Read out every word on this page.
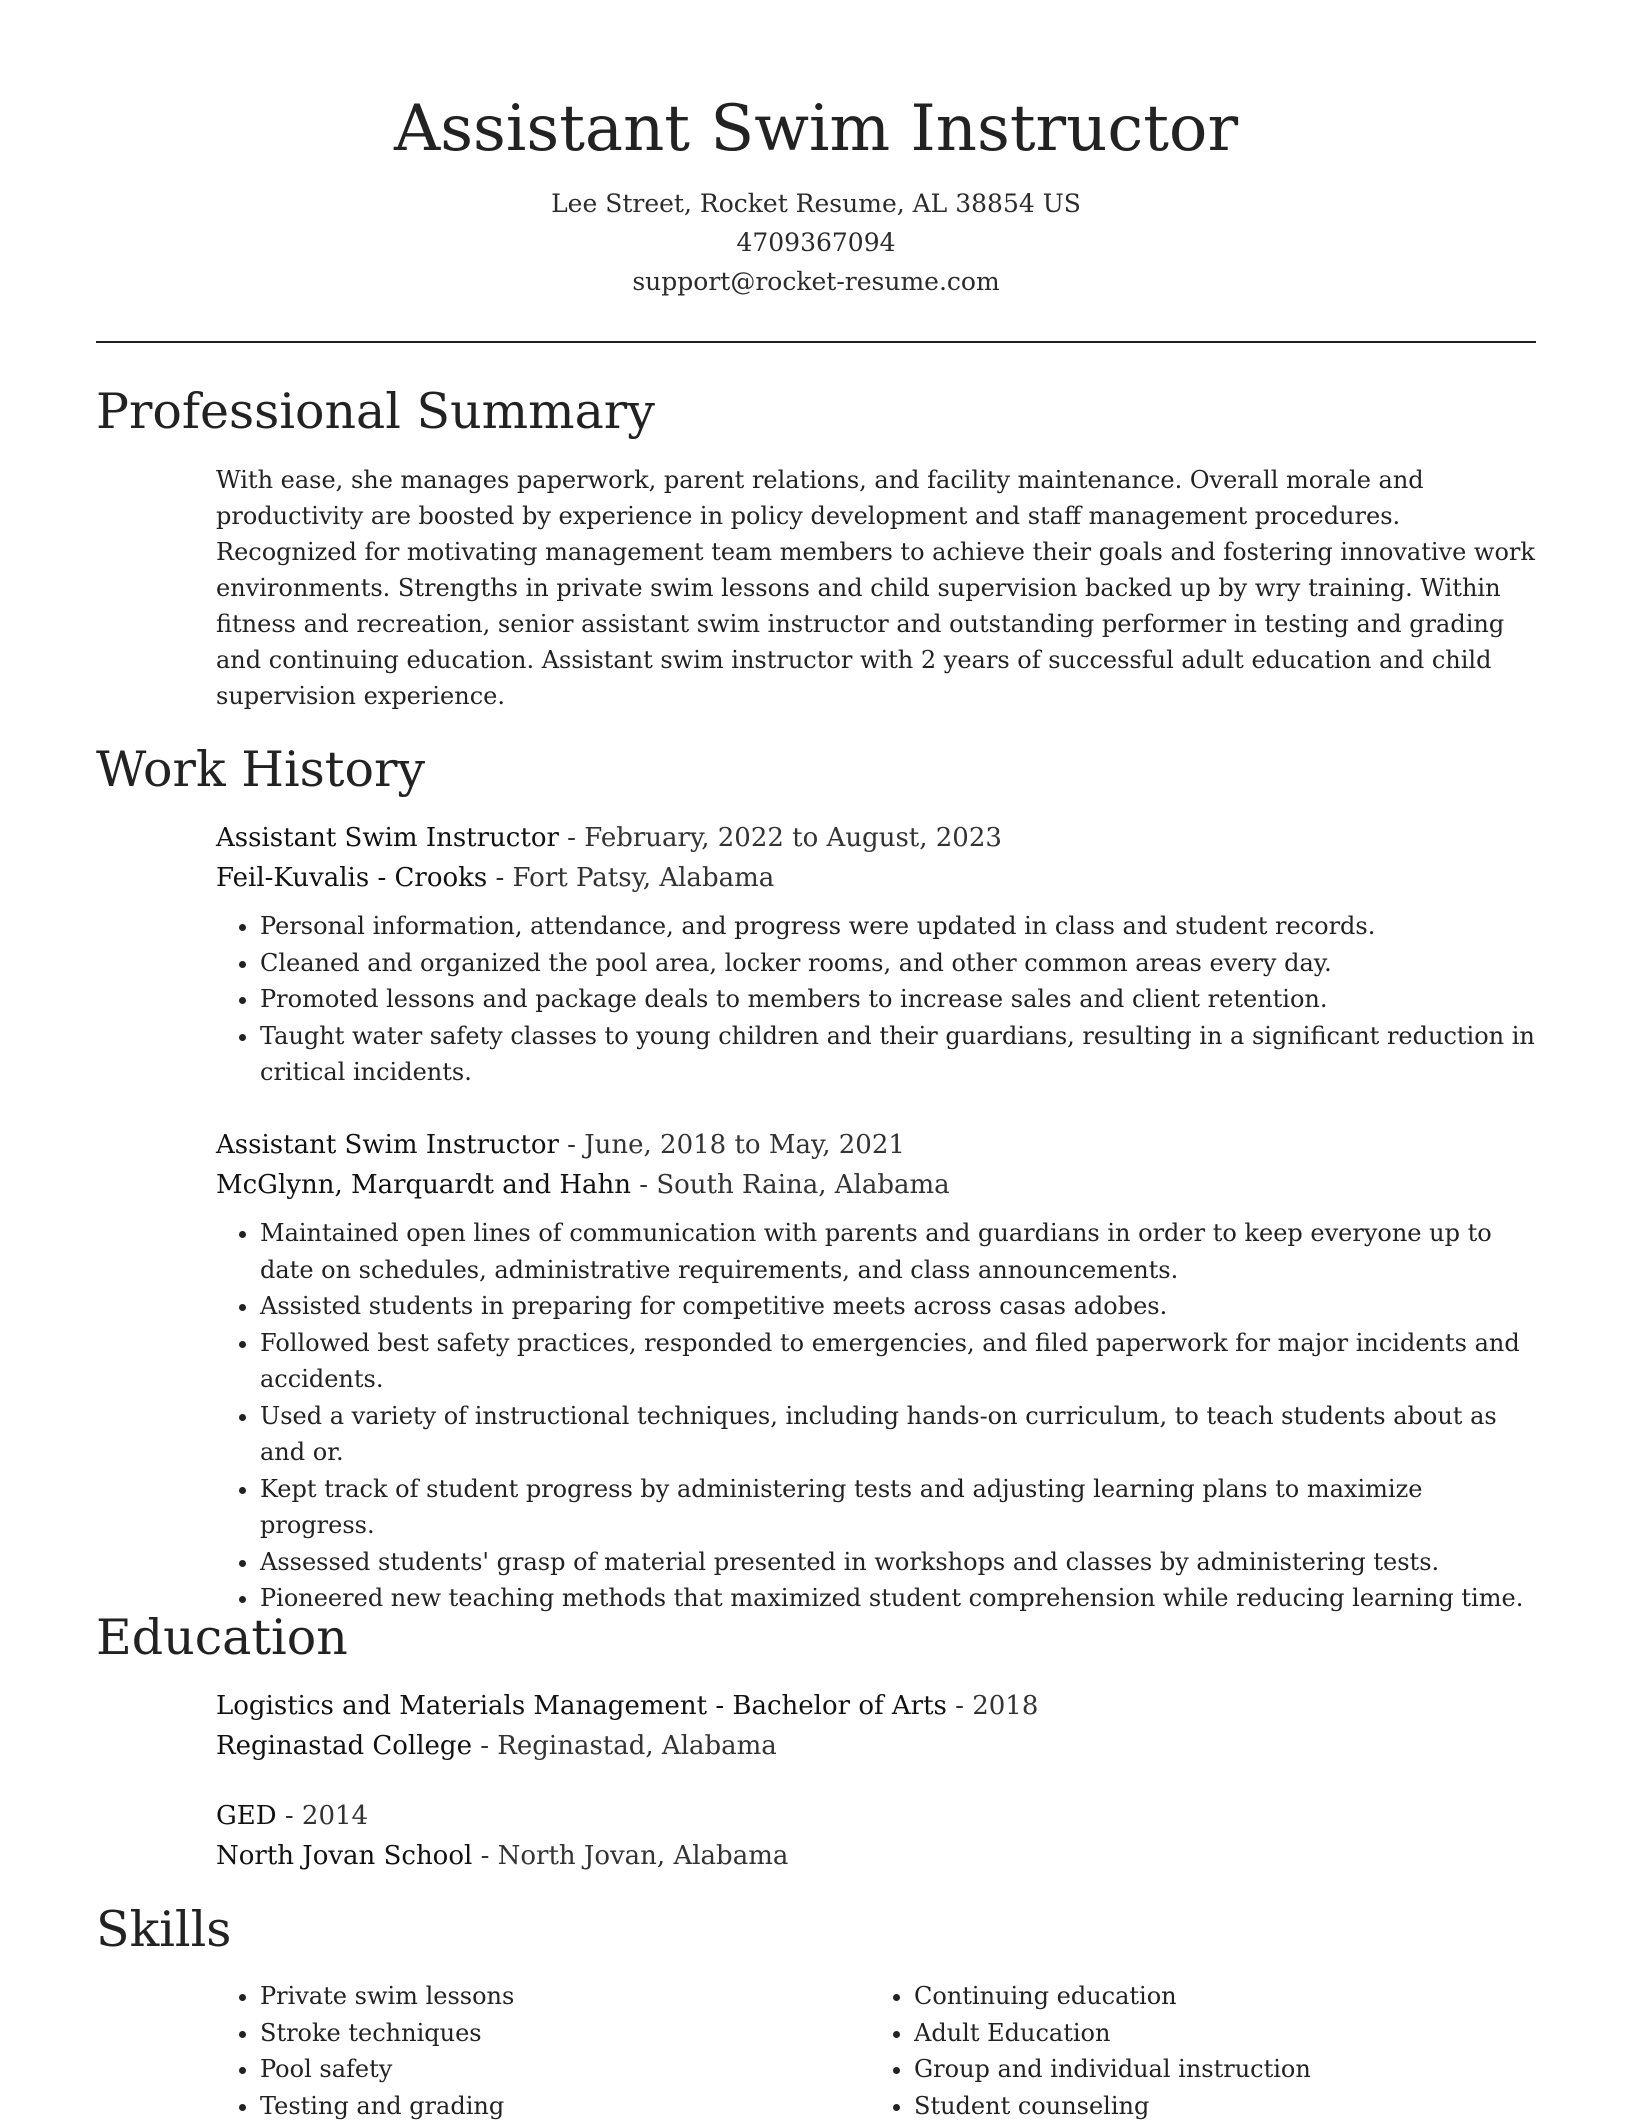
Assistant Swim Instructor
Lee Street, Rocket Resume, AL 38854 US
4709367094
support@rocket-resume.com
Professional Summary

With ease, she manages paperwork, parent relations, and facility maintenance. Overall morale and productivity are boosted by experience in policy development and staff management procedures. Recognized for motivating management team members to achieve their goals and fostering innovative work environments. Strengths in private swim lessons and child supervision backed up by wry training. Within fitness and recreation, senior assistant swim instructor and outstanding performer in testing and grading and continuing education. Assistant swim instructor with 2 years of successful adult education and child supervision experience.

Work History
Assistant Swim Instructor - February, 2022 to August, 2023
Feil-Kuvalis - Crooks - Fort Patsy, Alabama
• Personal information, attendance, and progress were updated in class and student records.
• Cleaned and organized the pool area, locker rooms, and other common areas every day.
• Promoted lessons and package deals to members to increase sales and client retention.
• Taught water safety classes to young children and their guardians, resulting in a significant reduction in critical incidents.
Assistant Swim Instructor - June, 2018 to May, 2021
McGlynn, Marquardt and Hahn - South Raina, Alabama
• Maintained open lines of communication with parents and guardians in order to keep everyone up to date on schedules, administrative requirements, and class announcements.
• Assisted students in preparing for competitive meets across casas adobes.
• Followed best safety practices, responded to emergencies, and filed paperwork for major incidents and accidents.
• Used a variety of instructional techniques, including hands-on curriculum, to teach students about as and or.
• Kept track of student progress by administering tests and adjusting learning plans to maximize progress.
• Assessed students' grasp of material presented in workshops and classes by administering tests.
• Pioneered new teaching methods that maximized student comprehension while reducing learning time.
Education
Logistics and Materials Management - Bachelor of Arts - 2018
Reginastad College - Reginastad, Alabama
GED - 2014
North Jovan School - North Jovan, Alabama
Skills
• Private swim lessons
• Stroke techniques
• Pool safety
• Testing and grading
• Continuing education
• Adult Education
• Group and individual instruction
• Student counseling
